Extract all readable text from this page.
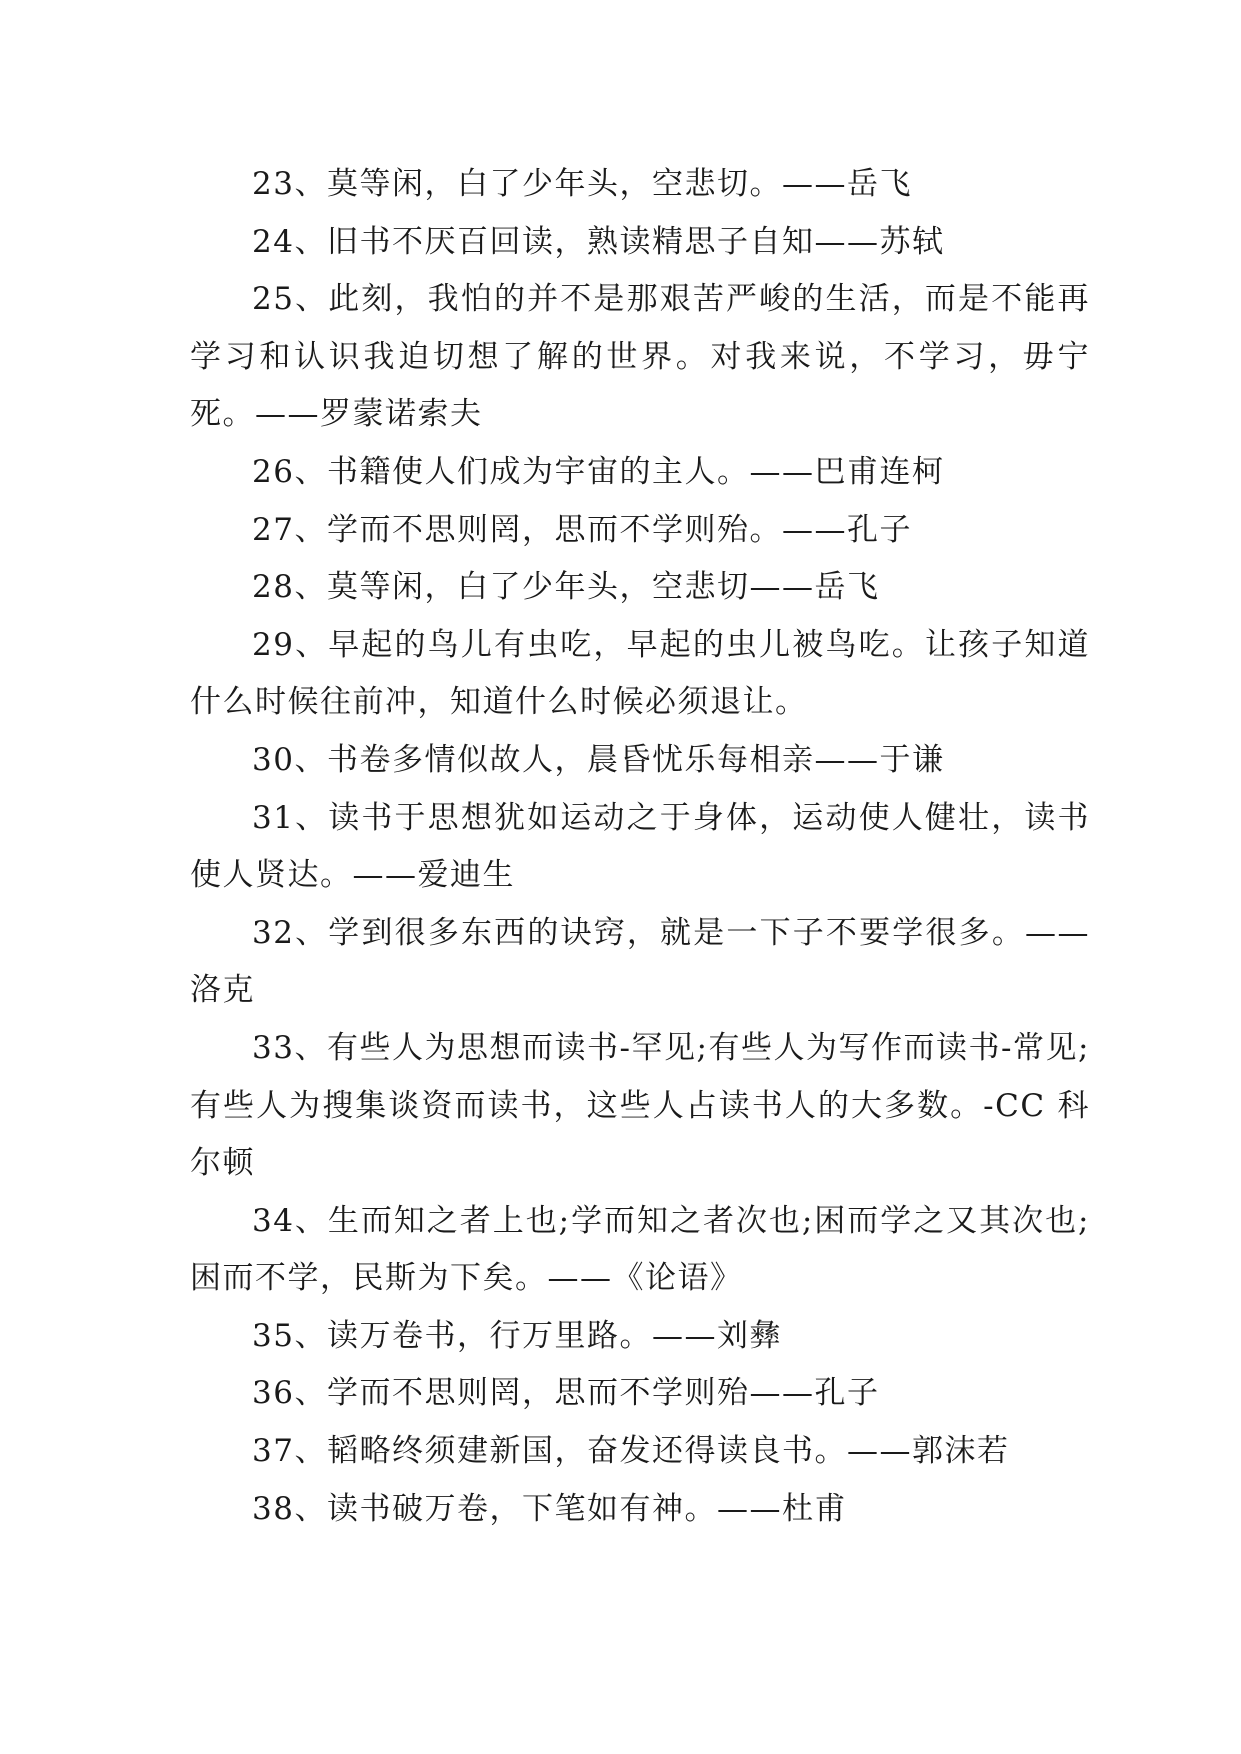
23、莫等闲，白了少年头，空悲切。——岳飞

24、旧书不厌百回读，熟读精思子自知——苏轼

25、此刻，我怕的并不是那艰苦严峻的生活，而是不能再学习和认识我迫切想了解的世界。对我来说，不学习，毋宁死。——罗蒙诺索夫

26、书籍使人们成为宇宙的主人。——巴甫连柯

27、学而不思则罔，思而不学则殆。——孔子

28、莫等闲，白了少年头，空悲切——岳飞

29、早起的鸟儿有虫吃，早起的虫儿被鸟吃。让孩子知道什么时候往前冲，知道什么时候必须退让。

30、书卷多情似故人，晨昏忧乐每相亲——于谦

31、读书于思想犹如运动之于身体，运动使人健壮，读书使人贤达。——爱迪生

32、学到很多东西的诀窍，就是一下子不要学很多。——洛克

33、有些人为思想而读书-罕见;有些人为写作而读书-常见;有些人为搜集谈资而读书，这些人占读书人的大多数。-CC 科尔顿

34、生而知之者上也;学而知之者次也;困而学之又其次也;困而不学，民斯为下矣。——《论语》

35、读万卷书，行万里路。——刘彝

36、学而不思则罔，思而不学则殆——孔子

37、韬略终须建新国，奋发还得读良书。——郭沫若

38、读书破万卷，下笔如有神。——杜甫
